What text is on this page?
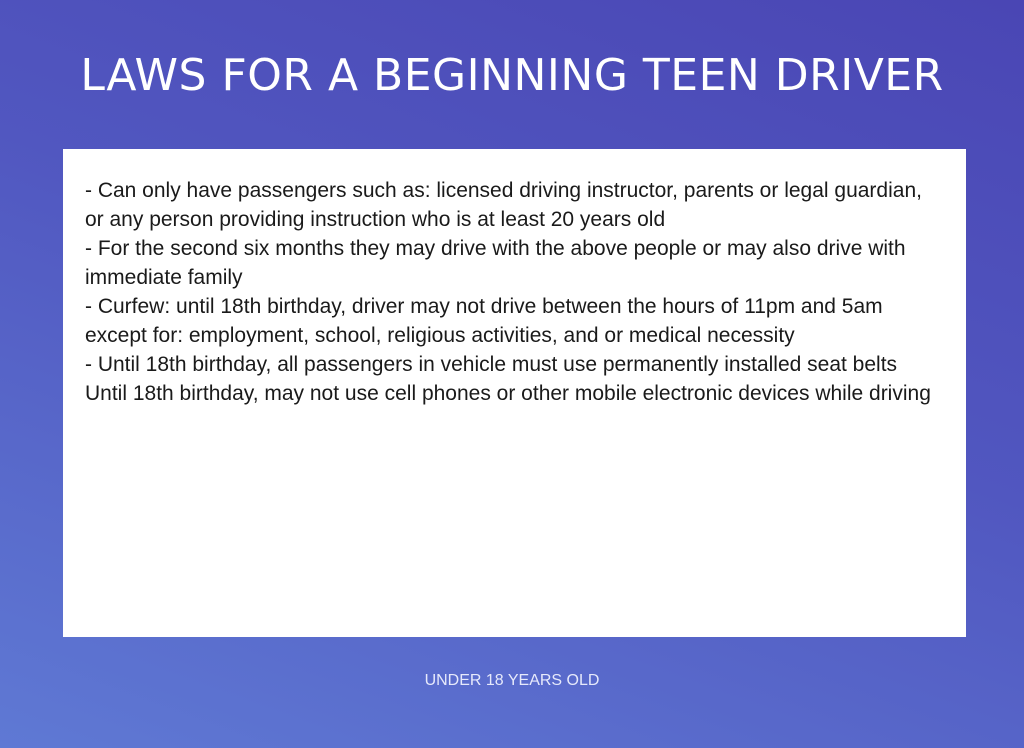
LAWS FOR A BEGINNING TEEN DRIVER

- Can only have passengers such as: licensed driving instructor, parents or legal guardian, or any person providing instruction who is at least 20 years old

- For the second six months they may drive with the above people or may also drive with immediate family

- Curfew: until 18th birthday, driver may not drive between the hours of 11pm and 5am except for: employment, school, religious activities, and or medical necessity

- Until 18th birthday, all passengers in vehicle must use permanently installed seat belts

Until 18th birthday, may not use cell phones or other mobile electronic devices while driving

UNDER 18 YEARS OLD
